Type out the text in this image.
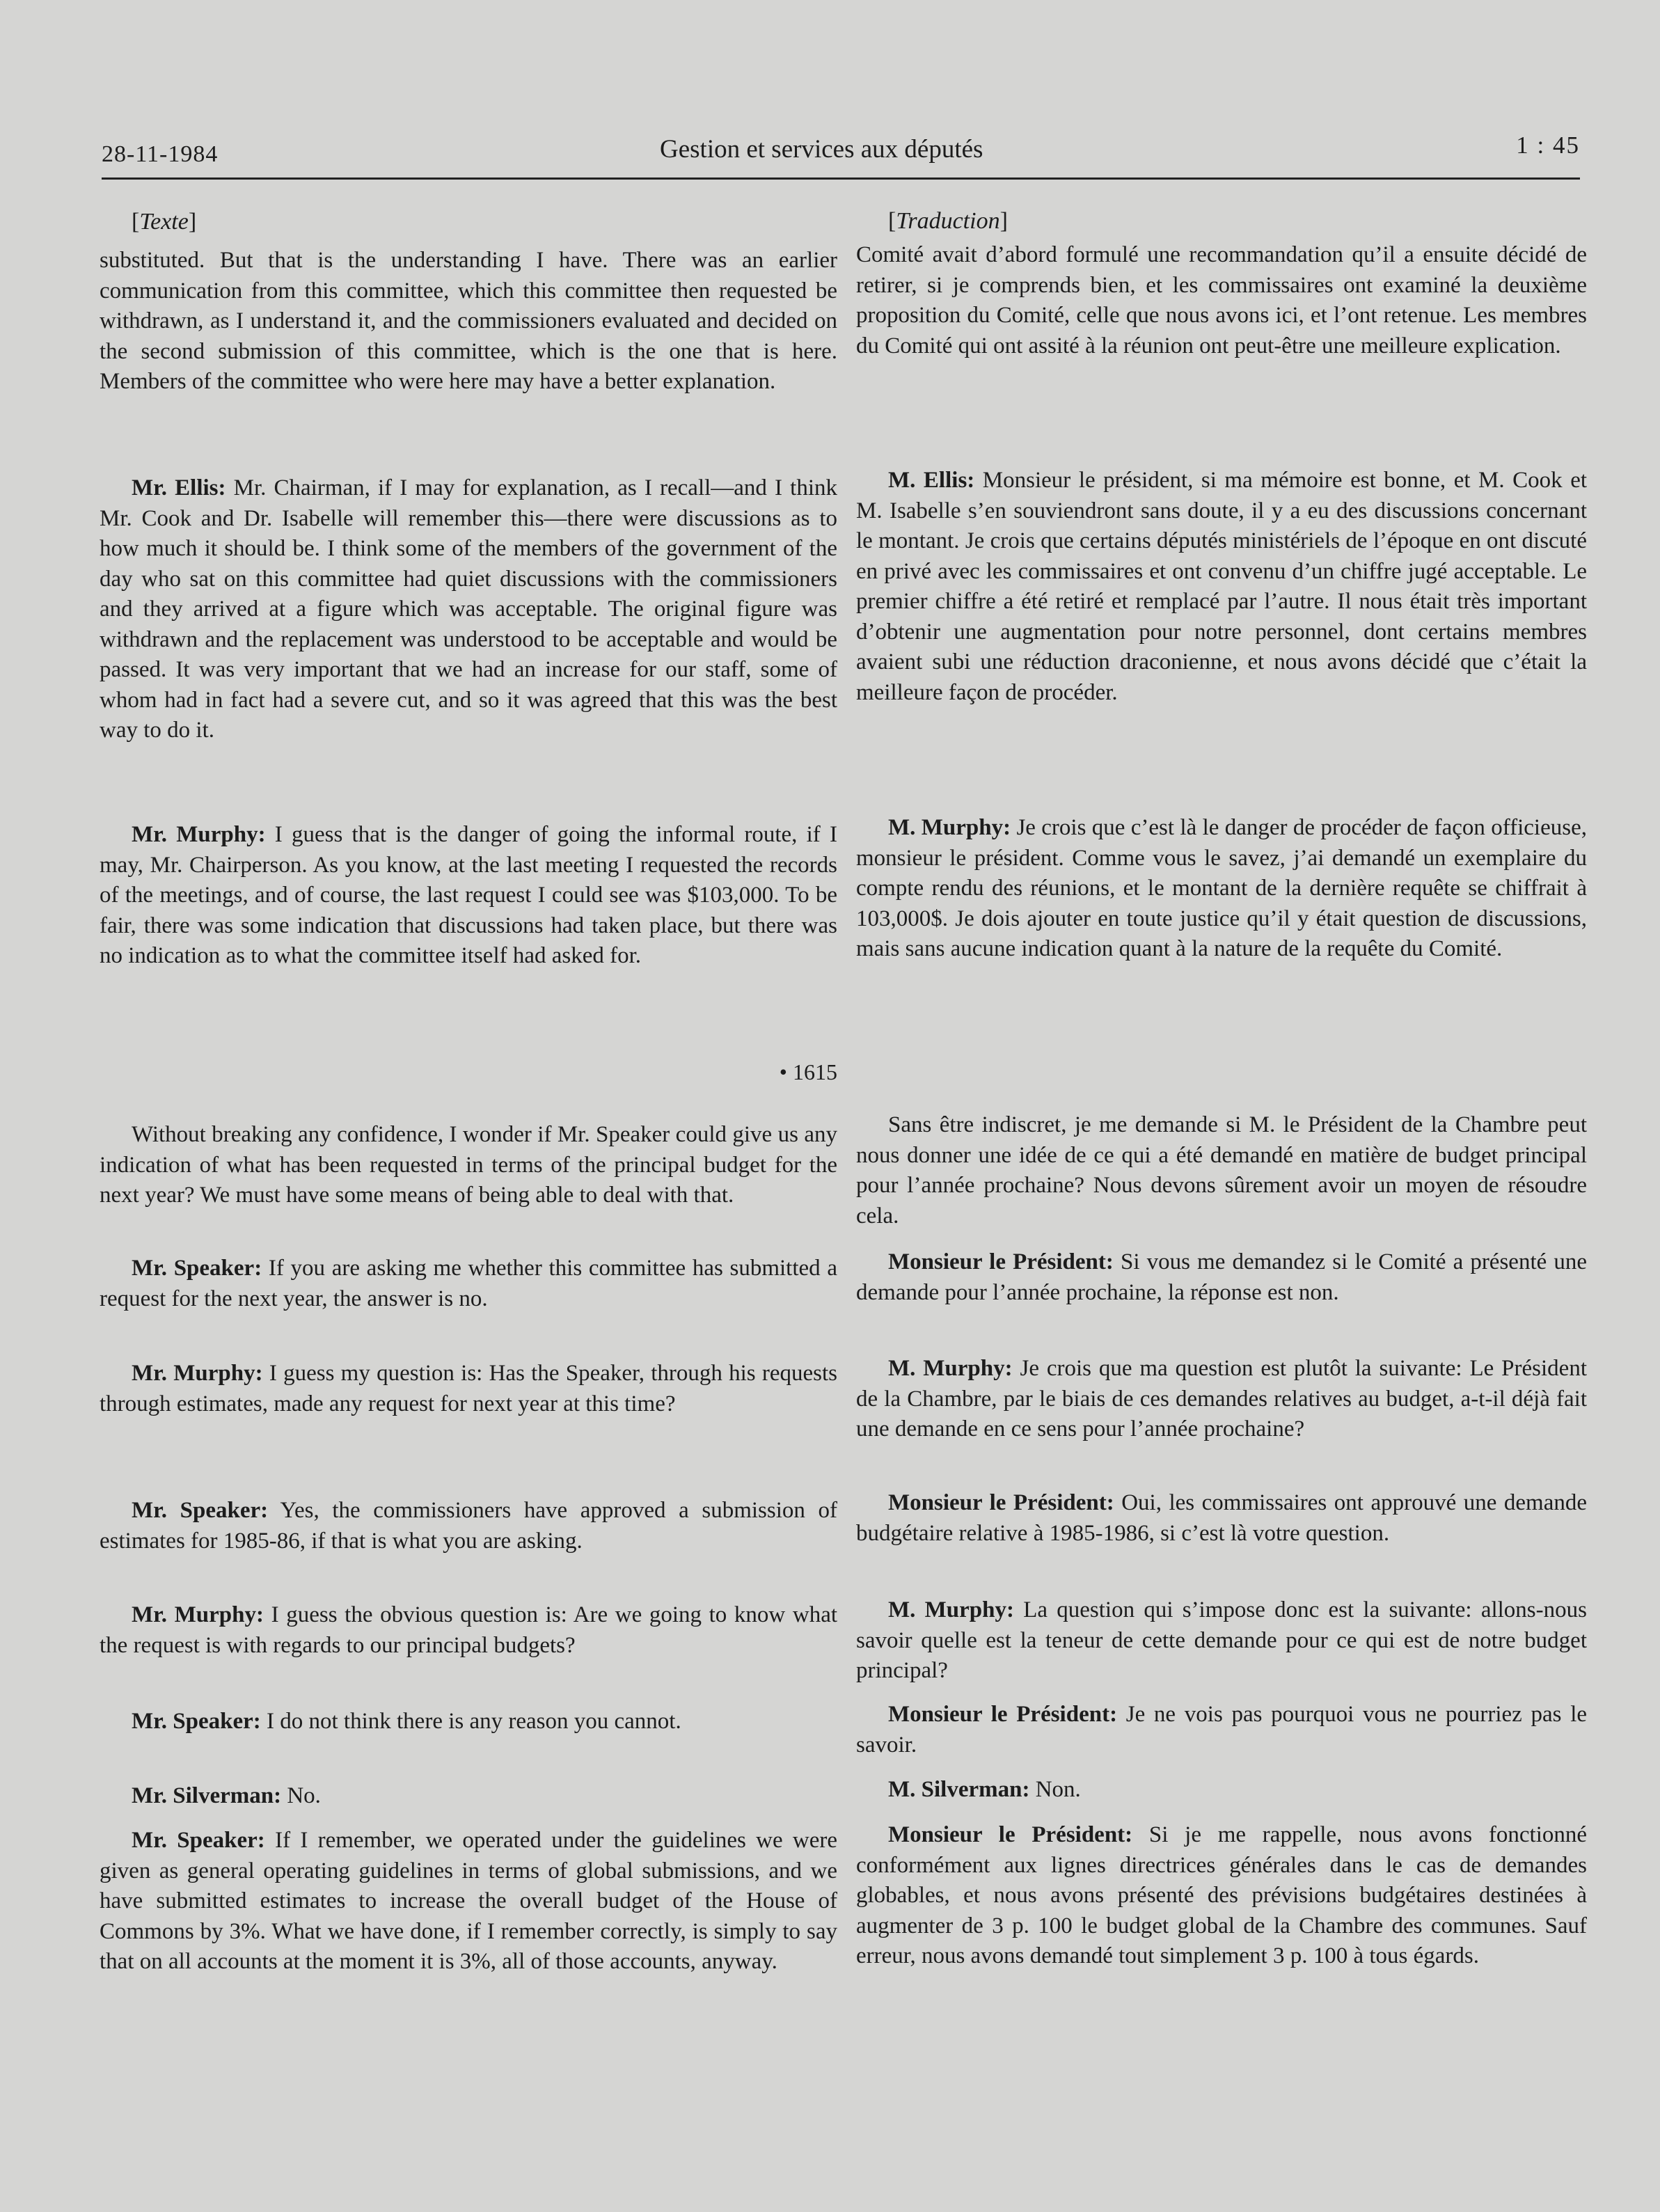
28-11-1984	Gestion et services aux députés	1 : 45

[Texte]

substituted. But that is the understanding I have. There was an earlier communication from this committee, which this committee then requested be withdrawn, as I understand it, and the commissioners evaluated and decided on the second submission of this committee, which is the one that is here. Members of the committee who were here may have a better explanation.

Mr. Ellis: Mr. Chairman, if I may for explanation, as I recall—and I think Mr. Cook and Dr. Isabelle will remember this—there were discussions as to how much it should be. I think some of the members of the government of the day who sat on this committee had quiet discussions with the commissioners and they arrived at a figure which was acceptable. The original figure was withdrawn and the replacement was understood to be acceptable and would be passed. It was very important that we had an increase for our staff, some of whom had in fact had a severe cut, and so it was agreed that this was the best way to do it.

Mr. Murphy: I guess that is the danger of going the informal route, if I may, Mr. Chairperson. As you know, at the last meeting I requested the records of the meetings, and of course, the last request I could see was $103,000. To be fair, there was some indication that discussions had taken place, but there was no indication as to what the committee itself had asked for.

• 1615

Without breaking any confidence, I wonder if Mr. Speaker could give us any indication of what has been requested in terms of the principal budget for the next year? We must have some means of being able to deal with that.

Mr. Speaker: If you are asking me whether this committee has submitted a request for the next year, the answer is no.

Mr. Murphy: I guess my question is: Has the Speaker, through his requests through estimates, made any request for next year at this time?

Mr. Speaker: Yes, the commissioners have approved a submission of estimates for 1985-86, if that is what you are asking.

Mr. Murphy: I guess the obvious question is: Are we going to know what the request is with regards to our principal budgets?

Mr. Speaker: I do not think there is any reason you cannot.

Mr. Silverman: No.

Mr. Speaker: If I remember, we operated under the guidelines we were given as general operating guidelines in terms of global submissions, and we have submitted estimates to increase the overall budget of the House of Commons by 3%. What we have done, if I remember correctly, is simply to say that on all accounts at the moment it is 3%, all of those accounts, anyway.

[Traduction]

Comité avait d’abord formulé une recommandation qu’il a ensuite décidé de retirer, si je comprends bien, et les commissaires ont examiné la deuxième proposition du Comité, celle que nous avons ici, et l’ont retenue. Les membres du Comité qui ont assité à la réunion ont peut-être une meilleure explication.

M. Ellis: Monsieur le président, si ma mémoire est bonne, et M. Cook et M. Isabelle s’en souviendront sans doute, il y a eu des discussions concernant le montant. Je crois que certains députés ministériels de l’époque en ont discuté en privé avec les commissaires et ont convenu d’un chiffre jugé acceptable. Le premier chiffre a été retiré et remplacé par l’autre. Il nous était très important d’obtenir une augmentation pour notre personnel, dont certains membres avaient subi une réduction draconienne, et nous avons décidé que c’était la meilleure façon de procéder.

M. Murphy: Je crois que c’est là le danger de procéder de façon officieuse, monsieur le président. Comme vous le savez, j’ai demandé un exemplaire du compte rendu des réunions, et le montant de la dernière requête se chiffrait à 103,000$. Je dois ajouter en toute justice qu’il y était question de discussions, mais sans aucune indication quant à la nature de la requête du Comité.

Sans être indiscret, je me demande si M. le Président de la Chambre peut nous donner une idée de ce qui a été demandé en matière de budget principal pour l’année prochaine? Nous devons sûrement avoir un moyen de résoudre cela.

Monsieur le Président: Si vous me demandez si le Comité a présenté une demande pour l’année prochaine, la réponse est non.

M. Murphy: Je crois que ma question est plutôt la suivante: Le Président de la Chambre, par le biais de ces demandes relatives au budget, a-t-il déjà fait une demande en ce sens pour l’année prochaine?

Monsieur le Président: Oui, les commissaires ont approuvé une demande budgétaire relative à 1985-1986, si c’est là votre question.

M. Murphy: La question qui s’impose donc est la suivante: allons-nous savoir quelle est la teneur de cette demande pour ce qui est de notre budget principal?

Monsieur le Président: Je ne vois pas pourquoi vous ne pourriez pas le savoir.

M. Silverman: Non.

Monsieur le Président: Si je me rappelle, nous avons fonctionné conformément aux lignes directrices générales dans le cas de demandes globables, et nous avons présenté des prévisions budgétaires destinées à augmenter de 3 p. 100 le budget global de la Chambre des communes. Sauf erreur, nous avons demandé tout simplement 3 p. 100 à tous égards.
